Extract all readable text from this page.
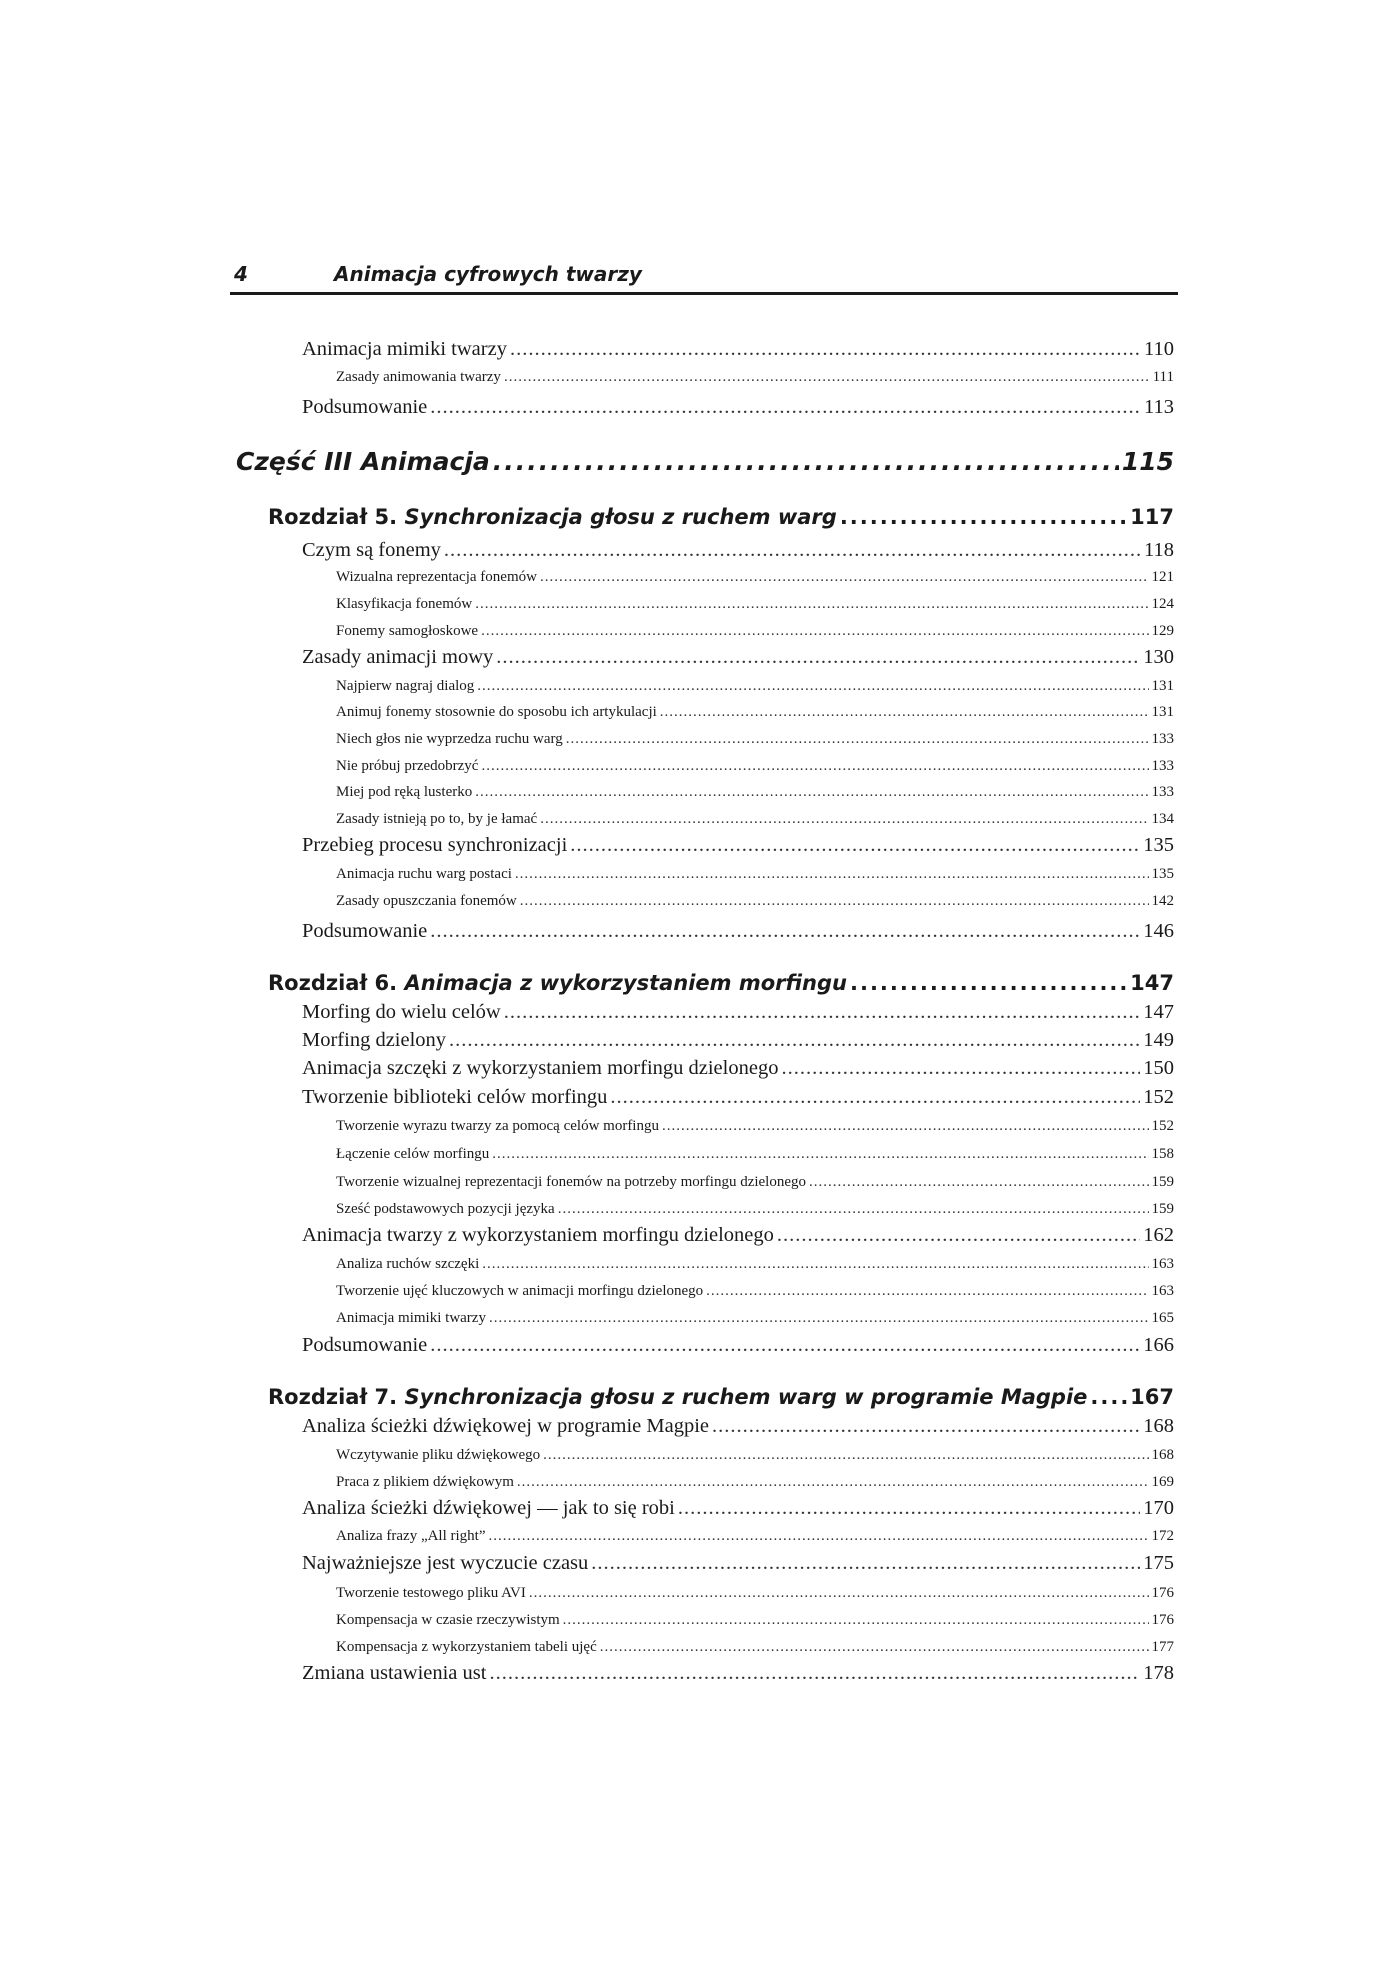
4	Animacja cyfrowych twarzy
Animacja mimiki twarzy .....	110
Zasady animowania twarzy .....	111
Podsumowanie .....	113
Część III Animacja .....	115
Rozdział 5. Synchronizacja głosu z ruchem warg .....	117
Czym są fonemy .....	118
Wizualna reprezentacja fonemów .....	121
Klasyfikacja fonemów .....	124
Fonemy samogłoskowe .....	129
Zasady animacji mowy .....	130
Najpierw nagraj dialog .....	131
Animuj fonemy stosownie do sposobu ich artykulacji .....	131
Niech głos nie wyprzedza ruchu warg .....	133
Nie próbuj przedobrzyć .....	133
Miej pod ręką lusterko .....	133
Zasady istnieją po to, by je łamać .....	134
Przebieg procesu synchronizacji .....	135
Animacja ruchu warg postaci .....	135
Zasady opuszczania fonemów .....	142
Podsumowanie .....	146
Rozdział 6. Animacja z wykorzystaniem morfingu .....	147
Morfing do wielu celów .....	147
Morfing dzielony .....	149
Animacja szczęki z wykorzystaniem morfingu dzielonego .....	150
Tworzenie biblioteki celów morfingu .....	152
Tworzenie wyrazu twarzy za pomocą celów morfingu .....	152
Łączenie celów morfingu .....	158
Tworzenie wizualnej reprezentacji fonemów na potrzeby morfingu dzielonego .....	159
Sześć podstawowych pozycji języka .....	159
Animacja twarzy z wykorzystaniem morfingu dzielonego .....	162
Analiza ruchów szczęki .....	163
Tworzenie ujęć kluczowych w animacji morfingu dzielonego .....	163
Animacja mimiki twarzy .....	165
Podsumowanie .....	166
Rozdział 7. Synchronizacja głosu z ruchem warg w programie Magpie ..... 167
Analiza ścieżki dźwiękowej w programie Magpie .....	168
Wczytywanie pliku dźwiękowego .....	168
Praca z plikiem dźwiękowym .....	169
Analiza ścieżki dźwiękowej — jak to się robi .....	170
Analiza frazy „All right” .....	172
Najważniejsze jest wyczucie czasu .....	175
Tworzenie testowego pliku AVI .....	176
Kompensacja w czasie rzeczywistym .....	176
Kompensacja z wykorzystaniem tabeli ujęć .....	177
Zmiana ustawienia ust .....	178
